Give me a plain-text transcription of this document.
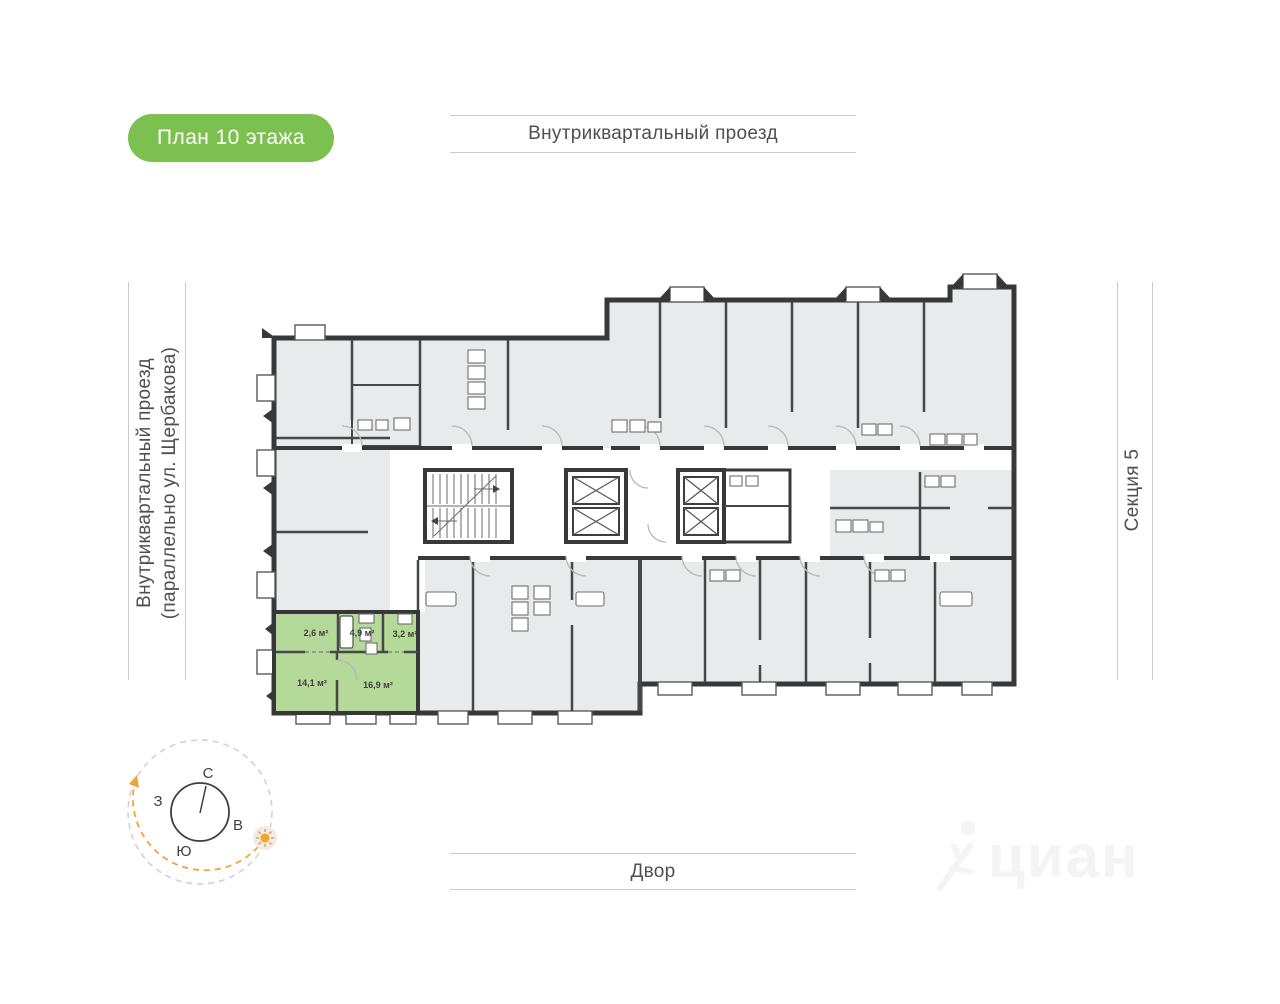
План 10 этажа	Внутриквартальный проезд
Двор
Внутриквартальный проезд (параллельно ул. Щербакова)	Секция 5
2,6 м² 4,9 м² 3,2 м²
14,1 м²	16,9 м²
С
В
Ю
З
циан
